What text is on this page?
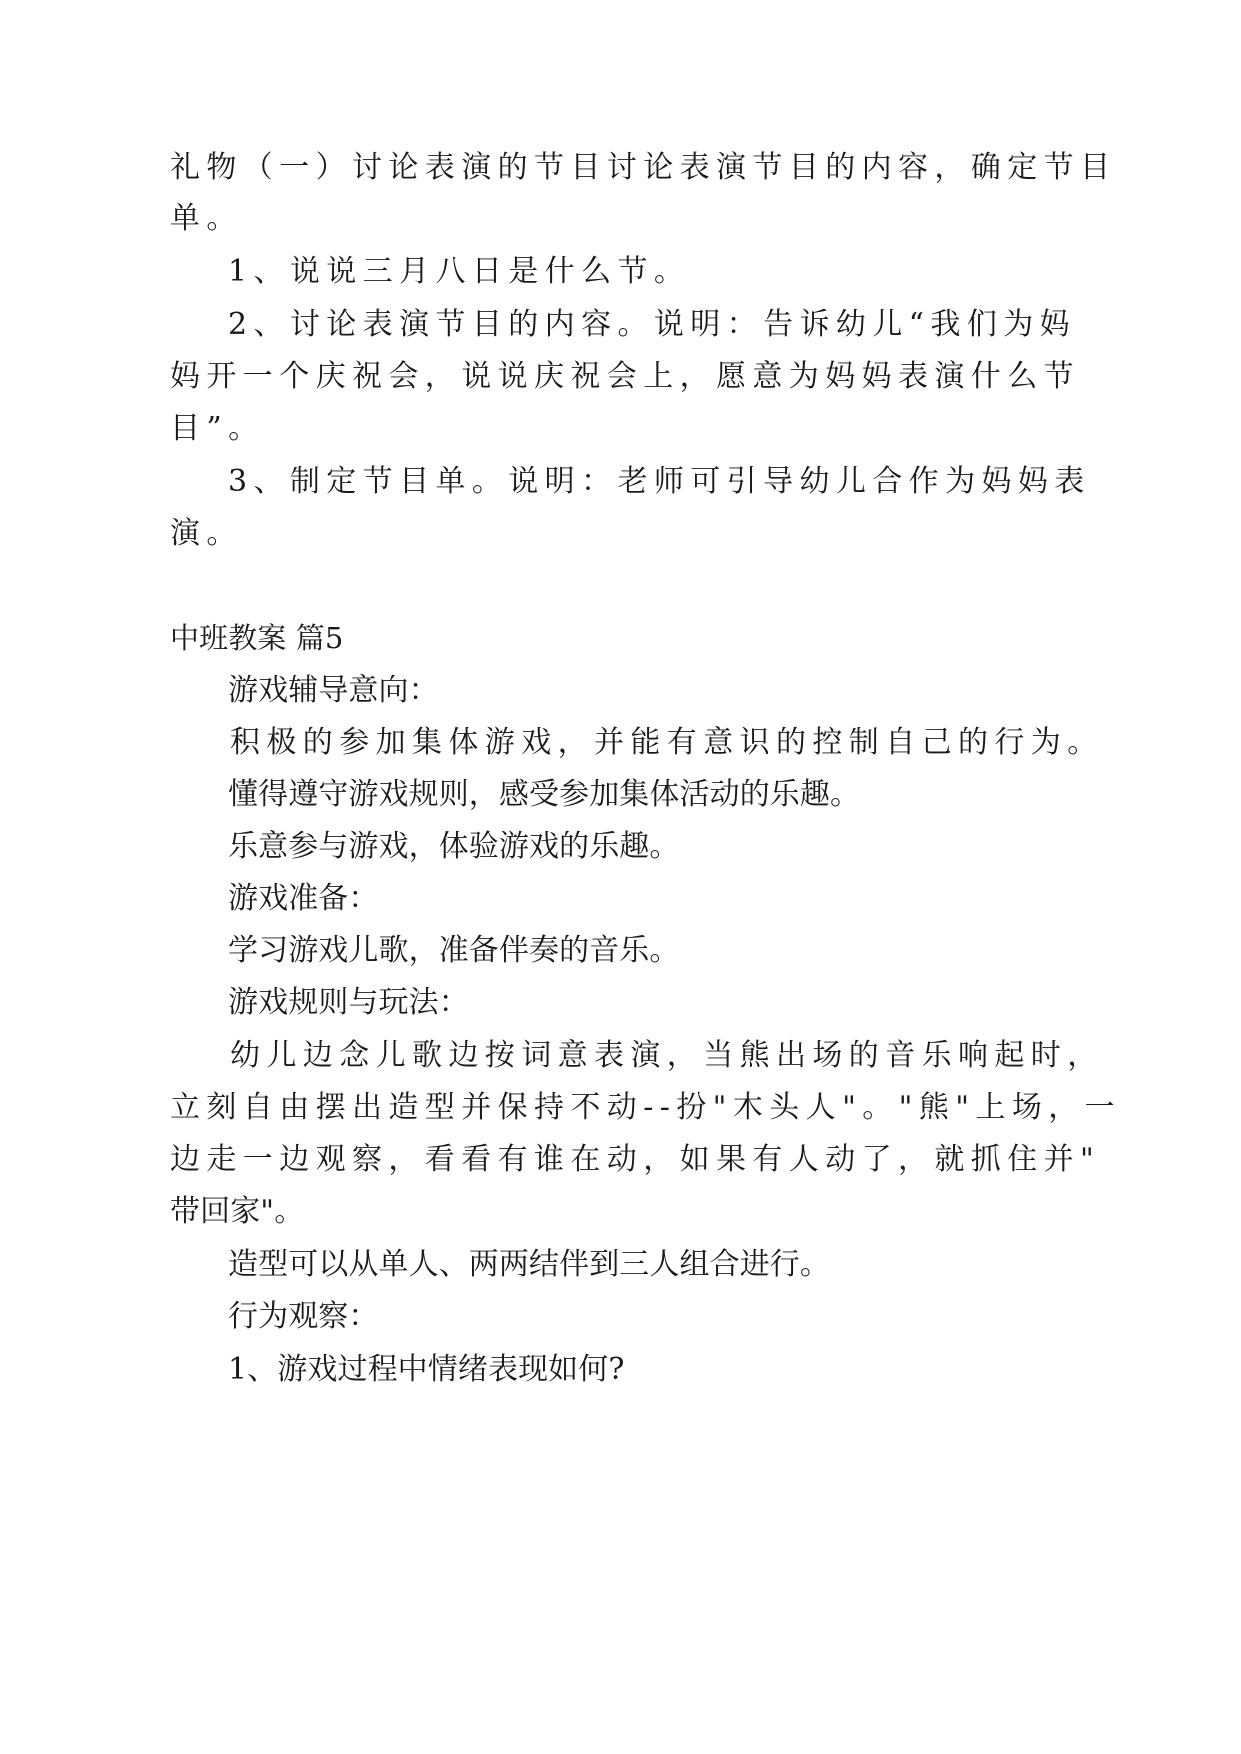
礼物（一）讨论表演的节目讨论表演节目的内容，确定节目
单。
1、说说三月八日是什么节。
2、讨论表演节目的内容。说明：告诉幼儿“我们为妈
妈开一个庆祝会，说说庆祝会上，愿意为妈妈表演什么节
目”。
3、制定节目单。说明：老师可引导幼儿合作为妈妈表
演。
中班教案 篇5
游戏辅导意向：
积极的参加集体游戏，并能有意识的控制自己的行为。
懂得遵守游戏规则，感受参加集体活动的乐趣。
乐意参与游戏，体验游戏的乐趣。
游戏准备：
学习游戏儿歌，准备伴奏的音乐。
游戏规则与玩法：
幼儿边念儿歌边按词意表演，当熊出场的音乐响起时，
立刻自由摆出造型并保持不动--扮"木头人"。"熊"上场，一
边走一边观察，看看有谁在动，如果有人动了，就抓住并"
带回家"。
造型可以从单人、两两结伴到三人组合进行。
行为观察：
1、游戏过程中情绪表现如何?
